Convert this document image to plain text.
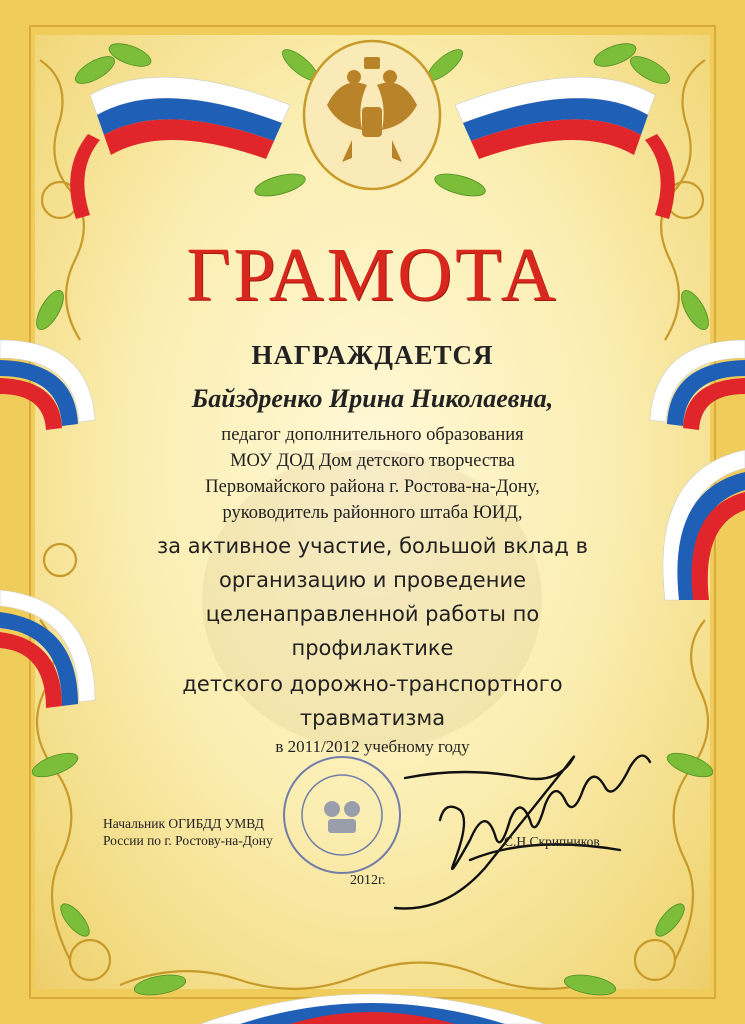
ГРАМОТА
НАГРАЖДАЕТСЯ
Байздренко Ирина Николаевна,
педагог дополнительного образования
МОУ ДОД Дом детского творчества
Первомайского района г. Ростова-на-Дону,
руководитель районного штаба ЮИД,
за активное участие, большой вклад в
организацию и проведение
целенаправленной работы по
профилактике
детского дорожно-транспортного
травматизма
в 2011/2012 учебному году
Начальник ОГИБДД УМВД
России по г. Ростову-на-Дону	С.Н.Скрипников
2012г.
